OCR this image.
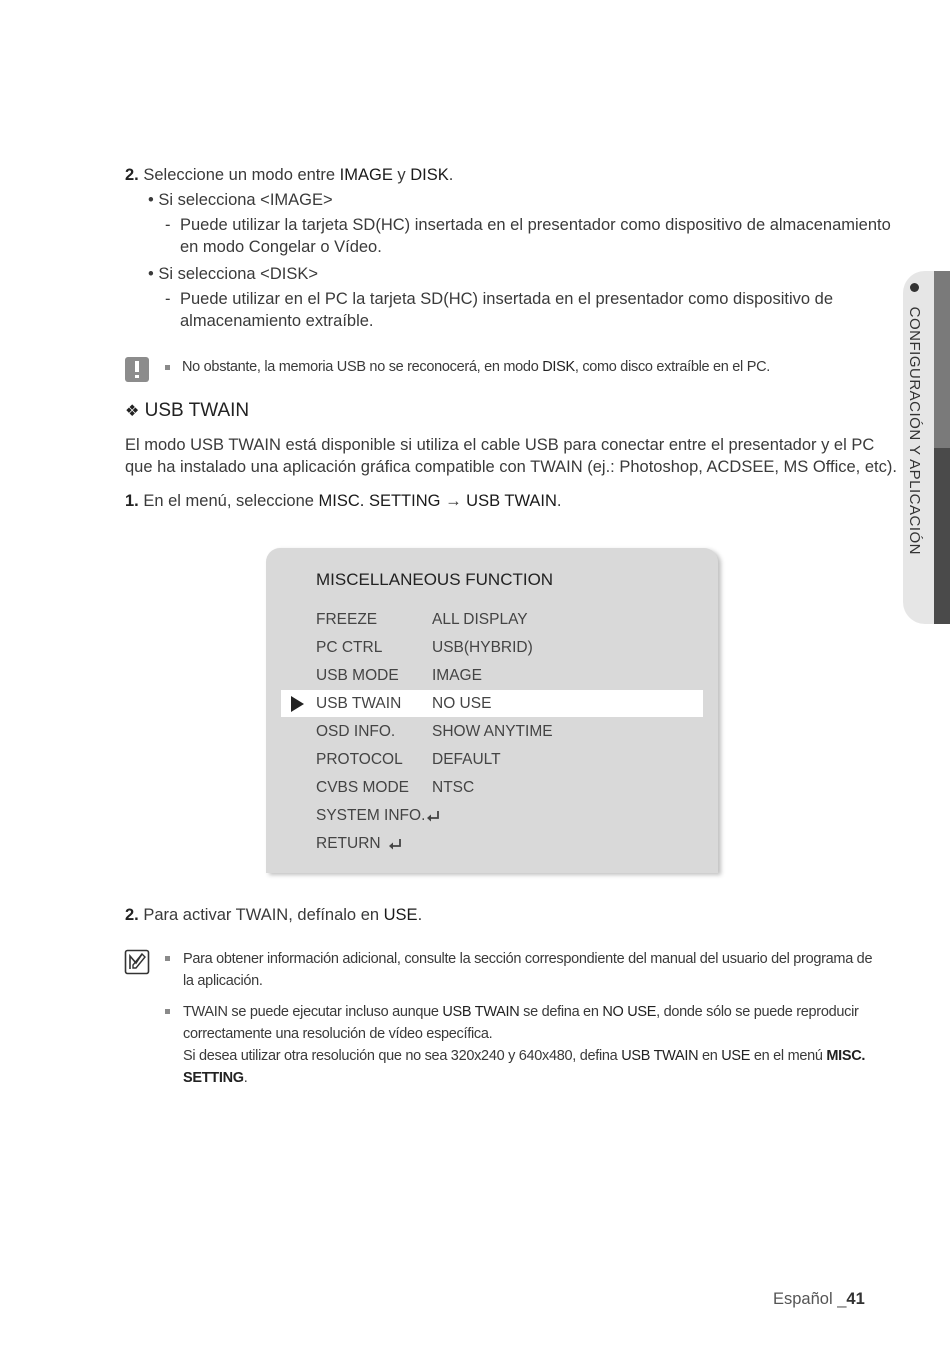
2. Seleccione un modo entre IMAGE y DISK.
• Si selecciona <IMAGE>
- Puede utilizar la tarjeta SD(HC) insertada en el presentador como dispositivo de almacenamiento
en modo Congelar o Vídeo.
• Si selecciona <DISK>
- Puede utilizar en el PC la tarjeta SD(HC) insertada en el presentador como dispositivo de
almacenamiento extraíble.
No obstante, la memoria USB no se reconocerá, en modo DISK, como disco extraíble en el PC.
❖ USB TWAIN
El modo USB TWAIN está disponible si utiliza el cable USB para conectar entre el presentador y el PC
que ha instalado una aplicación gráfica compatible con TWAIN (ej.: Photoshop, ACDSEE, MS Office, etc).
1. En el menú, seleccione MISC. SETTING → USB TWAIN.
MISCELLANEOUS FUNCTION
FREEZE	ALL DISPLAY
PC CTRL	USB(HYBRID)
USB MODE IMAGE
USB TWAIN NO USE
OSD INFO. SHOW ANYTIME
PROTOCOL DEFAULT
CVBS MODE NTSC
SYSTEM INFO.
RETURN
2. Para activar TWAIN, defínalo en USE.
Para obtener información adicional, consulte la sección correspondiente del manual del usuario del programa de
la aplicación.
TWAIN se puede ejecutar incluso aunque USB TWAIN se defina en NO USE, donde sólo se puede reproducir
correctamente una resolución de vídeo específica.
Si desea utilizar otra resolución que no sea 320x240 y 640x480, defina USB TWAIN en USE en el menú MISC.
SETTING.
CONFIGURACIÓN Y APLICACIÓN
Español _41
